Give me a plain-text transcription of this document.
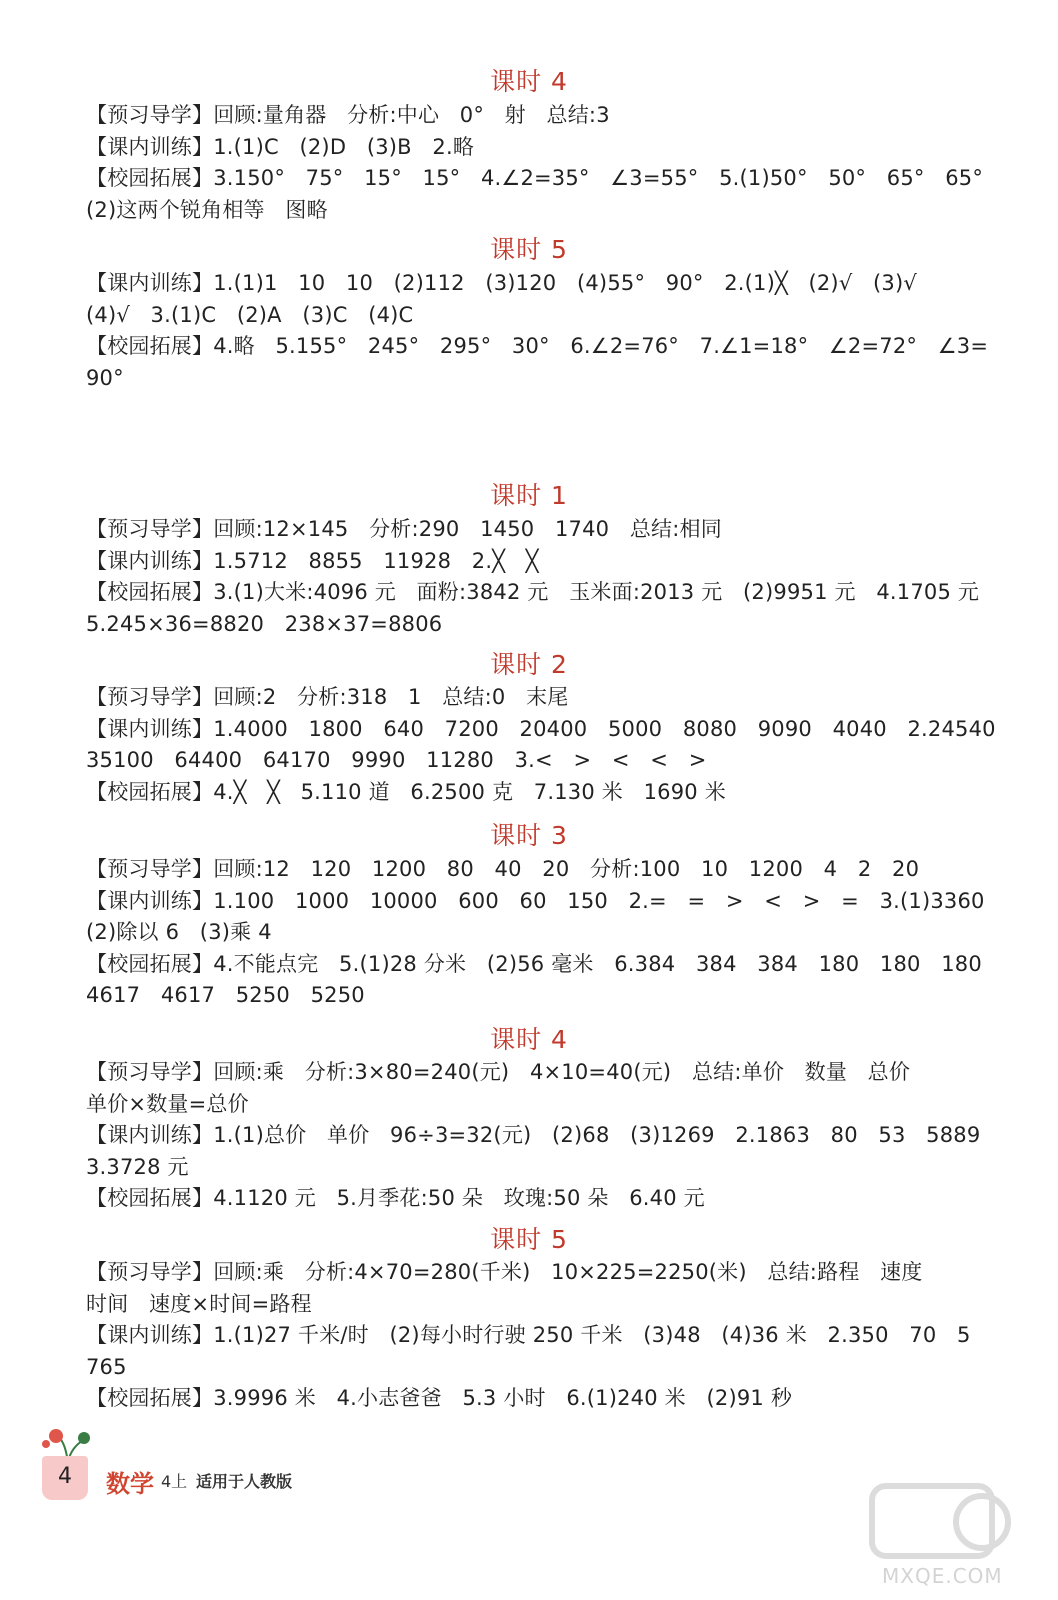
课时 4
【预习导学】回顾:量角器   分析:中心   0°   射   总结:3
【课内训练】1.(1)C   (2)D   (3)B   2.略
【校园拓展】3.150°   75°   15°   15°   4.∠2=35°   ∠3=55°   5.(1)50°   50°   65°   65°
(2)这两个锐角相等   图略
课时 5
【课内训练】1.(1)1   10   10   (2)112   (3)120   (4)55°   90°   2.(1)╳   (2)√   (3)√
(4)√   3.(1)C   (2)A   (3)C   (4)C
【校园拓展】4.略   5.155°   245°   295°   30°   6.∠2=76°   7.∠1=18°   ∠2=72°   ∠3=
90°
课时 1
【预习导学】回顾:12×145   分析:290   1450   1740   总结:相同
【课内训练】1.5712   8855   11928   2.╳   ╳
【校园拓展】3.(1)大米:4096 元   面粉:3842 元   玉米面:2013 元   (2)9951 元   4.1705 元
5.245×36=8820   238×37=8806
课时 2
【预习导学】回顾:2   分析:318   1   总结:0   末尾
【课内训练】1.4000   1800   640   7200   20400   5000   8080   9090   4040   2.24540
35100   64400   64170   9990   11280   3.<   >   <   <   >
【校园拓展】4.╳   ╳   5.110 道   6.2500 克   7.130 米   1690 米
课时 3
【预习导学】回顾:12   120   1200   80   40   20   分析:100   10   1200   4   2   20
【课内训练】1.100   1000   10000   600   60   150   2.=   =   >   <   >   =   3.(1)3360
(2)除以 6   (3)乘 4
【校园拓展】4.不能点完   5.(1)28 分米   (2)56 毫米   6.384   384   384   180   180   180
4617   4617   5250   5250
课时 4
【预习导学】回顾:乘   分析:3×80=240(元)   4×10=40(元)   总结:单价   数量   总价
单价×数量=总价
【课内训练】1.(1)总价   单价   96÷3=32(元)   (2)68   (3)1269   2.1863   80   53   5889
3.3728 元
【校园拓展】4.1120 元   5.月季花:50 朵   玫瑰:50 朵   6.40 元
课时 5
【预习导学】回顾:乘   分析:4×70=280(千米)   10×225=2250(米)   总结:路程   速度
时间   速度×时间=路程
【课内训练】1.(1)27 千米/时   (2)每小时行驶 250 千米   (3)48   (4)36 米   2.350   70   5
765
【校园拓展】3.9996 米   4.小志爸爸   5.3 小时   6.(1)240 米   (2)91 秒
4	数学 4上 适用于人教版
MXQE.COM
